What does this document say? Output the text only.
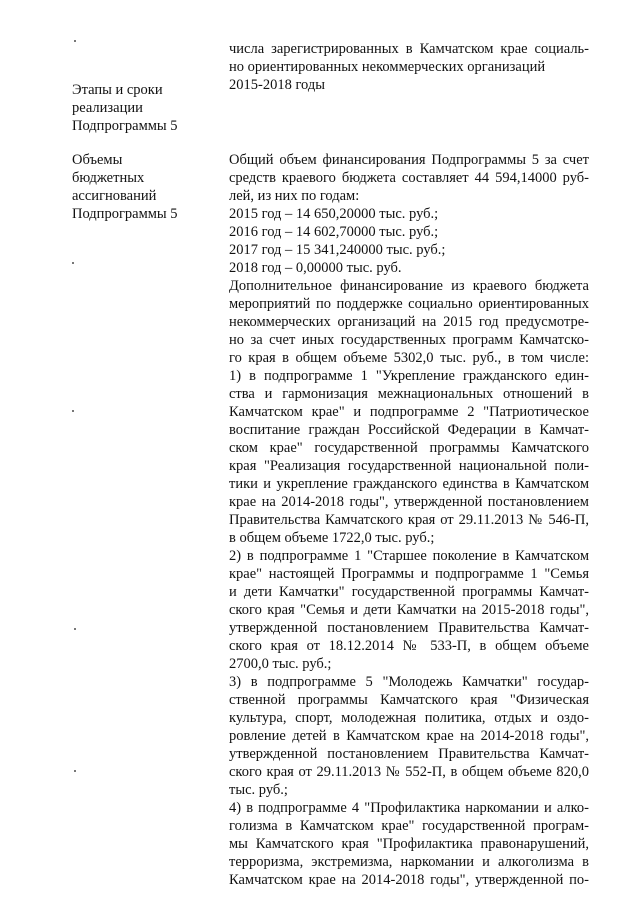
числа зарегистрированных в Камчатском крае социаль-
но ориентированных некоммерческих организаций
2015-2018 годы
Этапы и сроки
реализации
Подпрограммы 5
Объемы
бюджетных
ассигнований
Подпрограммы 5
Общий объем финансирования Подпрограммы 5 за счет
средств краевого бюджета составляет 44 594,14000 руб-
лей, из них по годам:
2015 год – 14 650,20000 тыс. руб.;
2016 год – 14 602,70000 тыс. руб.;
2017 год – 15 341,240000 тыс. руб.;
2018 год – 0,00000 тыс. руб.
Дополнительное финансирование из краевого бюджета
мероприятий по поддержке социально ориентированных
некоммерческих организаций на 2015 год предусмотре-
но за счет иных государственных программ Камчатско-
го края в общем объеме 5302,0 тыс. руб., в том числе:
1) в подпрограмме 1 "Укрепление гражданского един-
ства и гармонизация межнациональных отношений в
Камчатском крае" и подпрограмме 2 "Патриотическое
воспитание граждан Российской Федерации в Камчат-
ском крае" государственной программы Камчатского
края "Реализация государственной национальной поли-
тики и укрепление гражданского единства в Камчатском
крае на 2014-2018 годы", утвержденной постановлением
Правительства Камчатского края от 29.11.2013 № 546-П,
в общем объеме 1722,0 тыс. руб.;
2) в подпрограмме 1 "Старшее поколение в Камчатском
крае" настоящей Программы и подпрограмме 1 "Семья
и дети Камчатки" государственной программы Камчат-
ского края "Семья и дети Камчатки на 2015-2018 годы",
утвержденной постановлением Правительства Камчат-
ского края от 18.12.2014 № 533-П, в общем объеме
2700,0 тыс. руб.;
3) в подпрограмме 5 "Молодежь Камчатки" государ-
ственной программы Камчатского края "Физическая
культура, спорт, молодежная политика, отдых и оздо-
ровление детей в Камчатском крае на 2014-2018 годы",
утвержденной постановлением Правительства Камчат-
ского края от 29.11.2013 № 552-П, в общем объеме 820,0
тыс. руб.;
4) в подпрограмме 4 "Профилактика наркомании и алко-
голизма в Камчатском крае" государственной програм-
мы Камчатского края "Профилактика правонарушений,
терроризма, экстремизма, наркомании и алкоголизма в
Камчатском крае на 2014-2018 годы", утвержденной по-
